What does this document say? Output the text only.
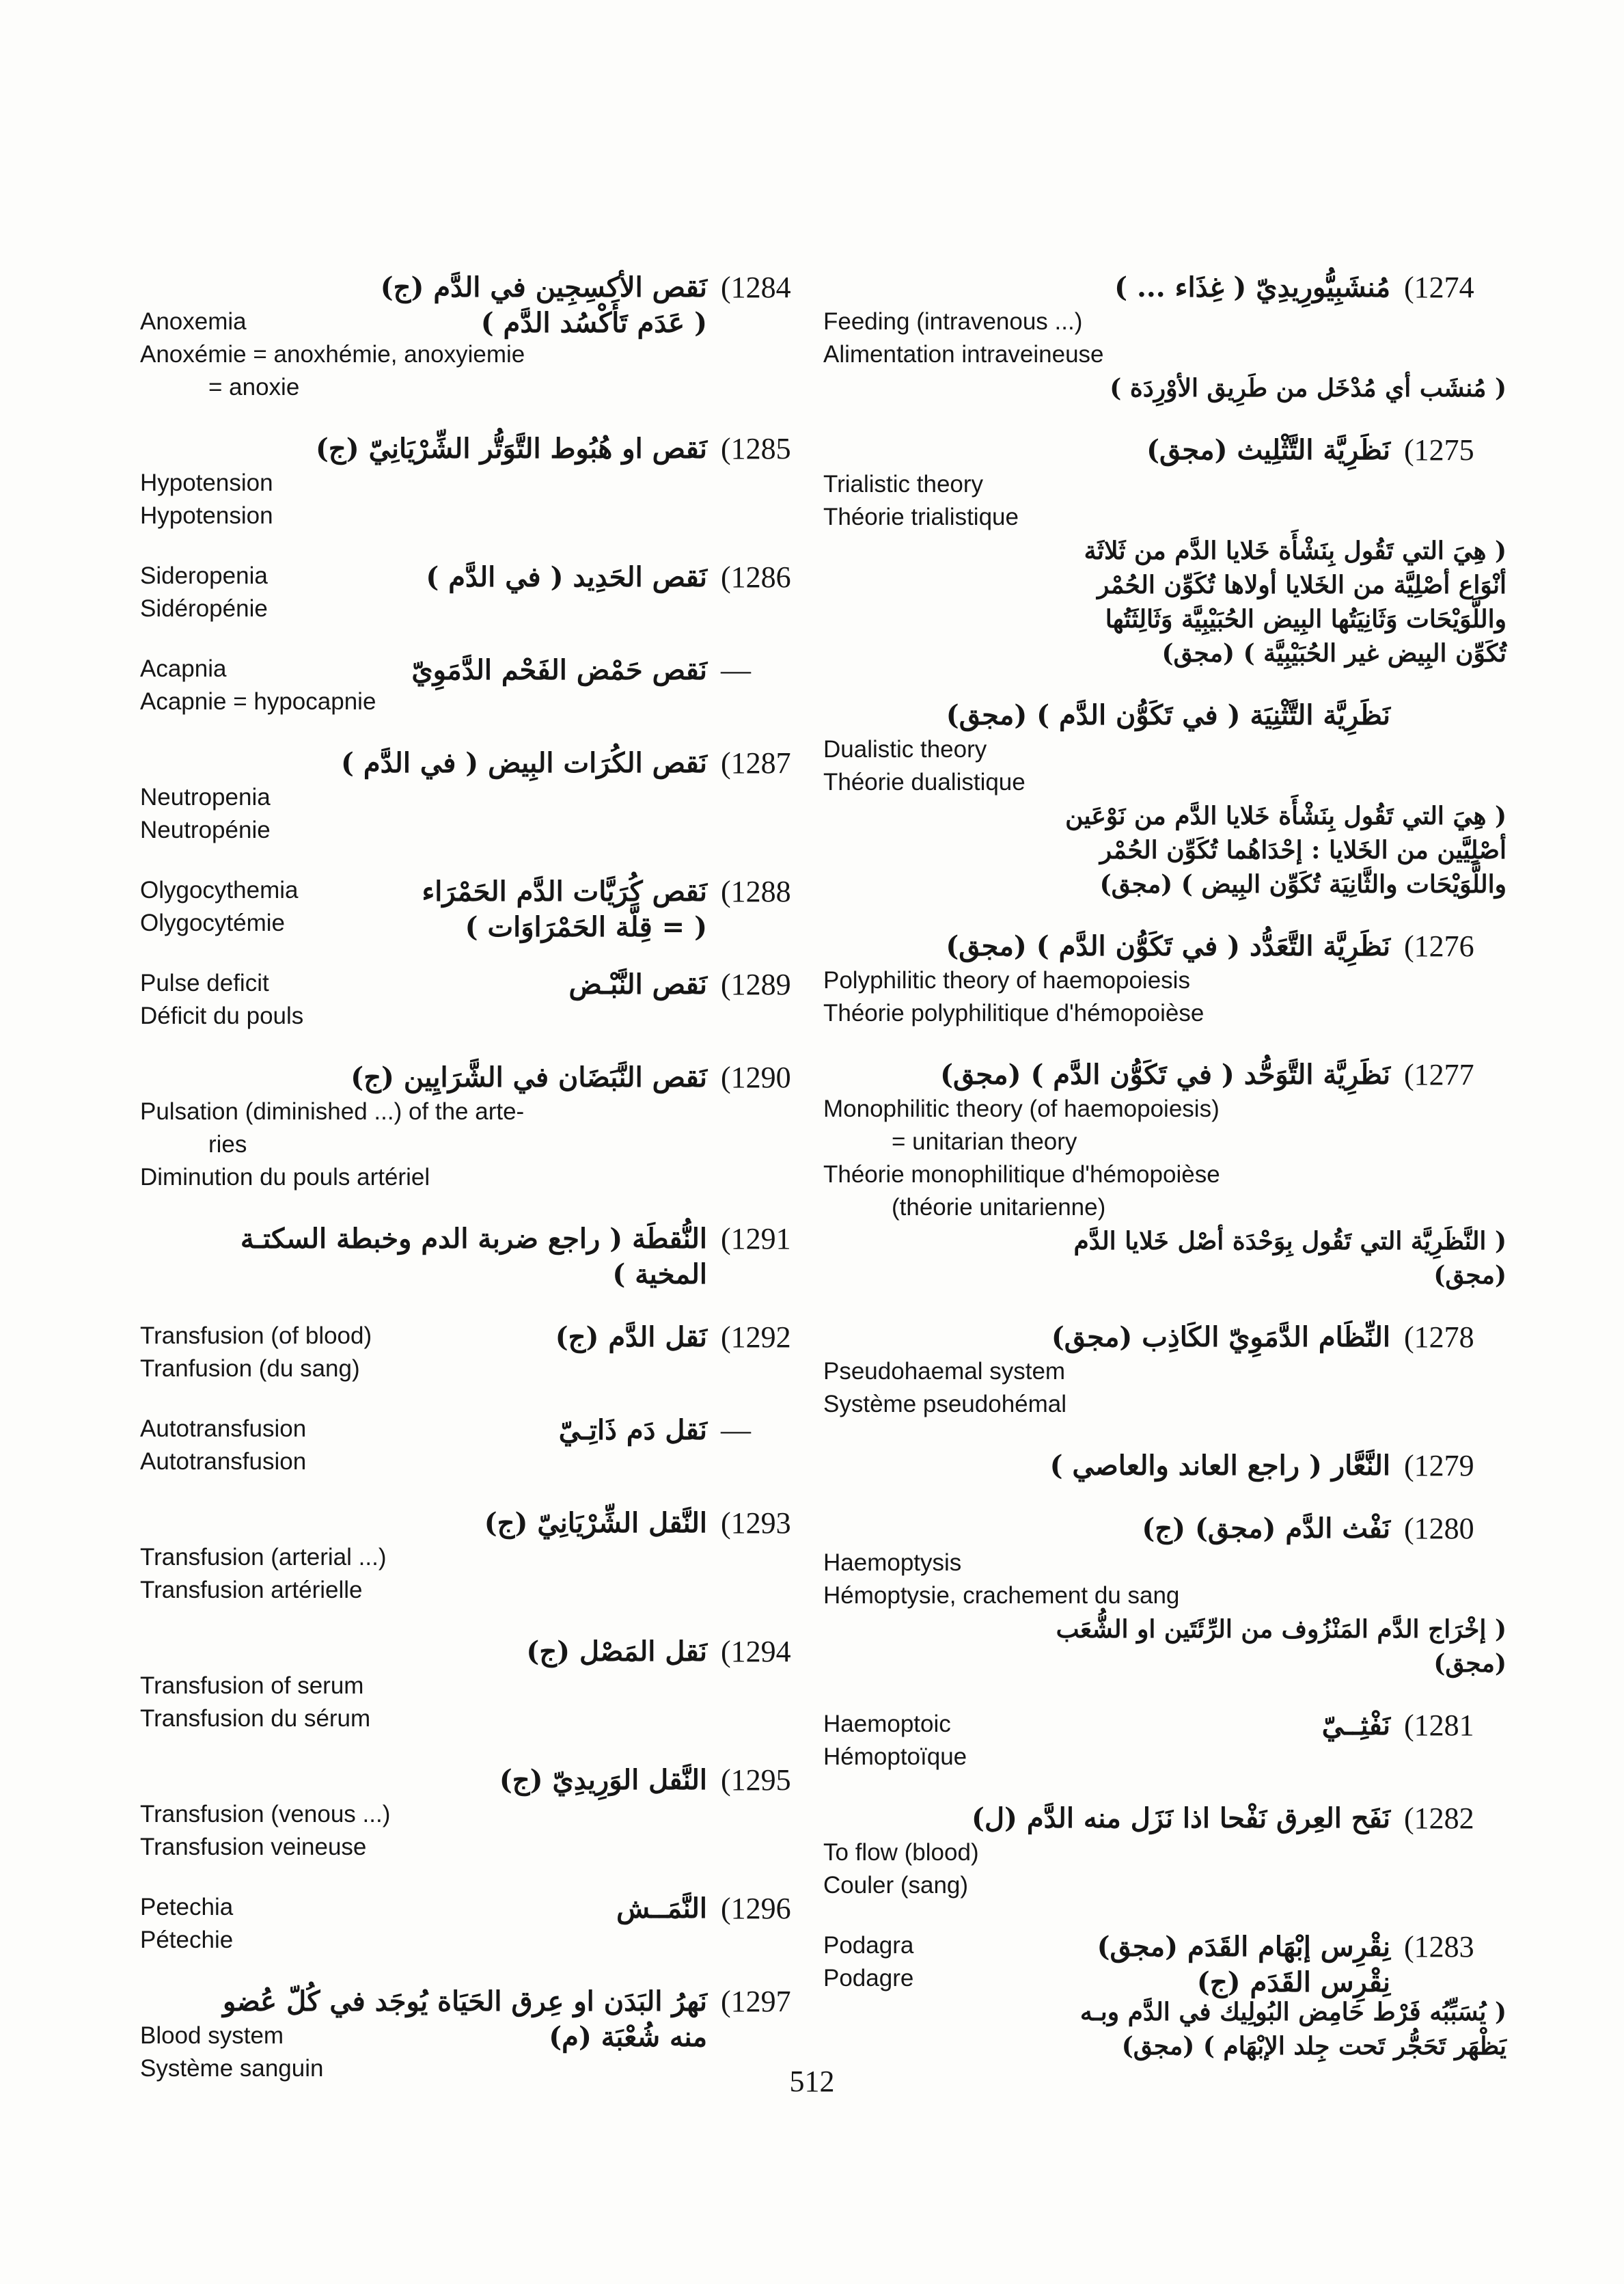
(1284
نَقص الأكسِجِين في الدَّم (ج)
Anoxemia
Anoxémie = anoxhémie, anoxyiemie
= anoxie
( عَدَم تَأَكْسُد الدَّم )
(1285
نَقص او هُبُوط التَّوَتُّر الشِّرْيَانِيّ (ج)
Hypotension
Hypotension
(1286
Sideropenia
Sidéropénie
نَقص الحَدِيد ( في الدَّم )
—
Acapnia
Acapnie = hypocapnie
نَقص حَمْض الفَحْم الدَّمَوِيّ
(1287
نَقص الكُرَات البِيض ( في الدَّم )
Neutropenia
Neutropénie
(1288
Olygocythemia
Olygocytémie
نَقص كُرَيَّات الدَّم الحَمْرَاء
( = قِلَّة الحَمْرَاوَات )
(1289
Pulse deficit
Déficit du pouls
نَقص النَّبْـض
(1290
نَقص النَّبَضَان في الشَّرَايِين (ج)
Pulsation (diminished ...) of the arte-
ries
Diminution du pouls artériel
(1291
النُّقطَة ( راجع ضربة الدم وخبطة السكتـة
المخية )
(1292
Transfusion (of blood)
Tranfusion (du sang)
نَقل الدَّم (ج)
—
Autotransfusion
Autotransfusion
نَقل دَم ذَاتِـيّ
(1293
النَّقل الشِّرْيَانِيّ (ج)
Transfusion (arterial ...)
Transfusion artérielle
(1294
نَقل المَصْل (ج)
Transfusion of serum
Transfusion du sérum
(1295
النَّقل الوَرِيدِيّ (ج)
Transfusion (venous ...)
Transfusion veineuse
(1296
Petechia
Pétechie
النَّمَــش
(1297
نَهرُ البَدَن او عِرق الحَيَاة يُوجَد في كُلّ عُضو
Blood system
Système sanguin
منه شُعْبَة (م)
(1274
مُنشَبِيُّورِيدِيّ ( غِذَاء ... )
Feeding (intravenous ...)
Alimentation intraveineuse
( مُنشَب أي مُدْخَل من طَرِيق الأوْرِدَة )
(1275
نَظَرِيَّة التَّثْلِيث (مجق)
Trialistic theory
Théorie trialistique
( هِيَ التي تَقُول بِنَشْأَة خَلايا الدَّم من ثَلاثَة
أنْوَاع أصْلِيَّة من الخَلايا أولاها تُكَوِّن الحُمْر
واللَّوَيْحَات وَثَانِيَتُها البِيض الحُبَيْبِيَّة وَثَالِثَتُها
تُكَوِّن البِيض غير الحُبَيْبِيَّة ) (مجق)
نَظَرِيَّة التَّثْنِيَة ( في تَكَوُّن الدَّم ) (مجق)
Dualistic theory
Théorie dualistique
( هِيَ التي تَقُول بِنَشْأَة خَلايا الدَّم من نَوْعَين
أصْلِيَّين من الخَلايا : إحْدَاهُما تُكَوِّن الحُمْر
واللَّوَيْحَات والثَّانِيَة تُكَوِّن البِيض ) (مجق)
(1276
نَظَرِيَّة التَّعَدُّد ( في تَكَوُّن الدَّم ) (مجق)
Polyphilitic theory of haemopoiesis
Théorie polyphilitique d'hémopoièse
(1277
نَظَرِيَّة التَّوَحُّد ( في تَكَوُّن الدَّم ) (مجق)
Monophilitic theory (of haemopoiesis)
= unitarian theory
Théorie monophilitique d'hémopoièse
(théorie unitarienne)
( النَّظَرِيَّة التي تَقُول بِوَحْدَة أصْل خَلايا الدَّم
(مجق)
(1278
النِّظَام الدَّمَوِيّ الكَاذِب (مجق)
Pseudohaemal system
Système pseudohémal
(1279
النَّعَّار ( راجع العاند والعاصي )
(1280
نَفْث الدَّم (مجق) (ج)
Haemoptysis
Hémoptysie, crachement du sang
( إخْرَاج الدَّم المَنْزُوف من الرِّئَتَين او الشُّعَب
(مجق)
(1281
Haemoptoic
Hémoptoïque
نَفْثِــيّ
(1282
نَفَح العِرق نَفْحا اذا نَزَل منه الدَّم (ل)
To flow (blood)
Couler (sang)
(1283
Podagra
Podagre
نِقْرِس إبْهَام القَدَم (مجق)
نِقْرِس القَدَم (ج)
( يُسَبِّبُه فَرْط حَامِض البُولِيك في الدَّم وبـه
يَظْهَر تَحَجُّر تَحت جِلد الإبْهَام ) (مجق)
512
